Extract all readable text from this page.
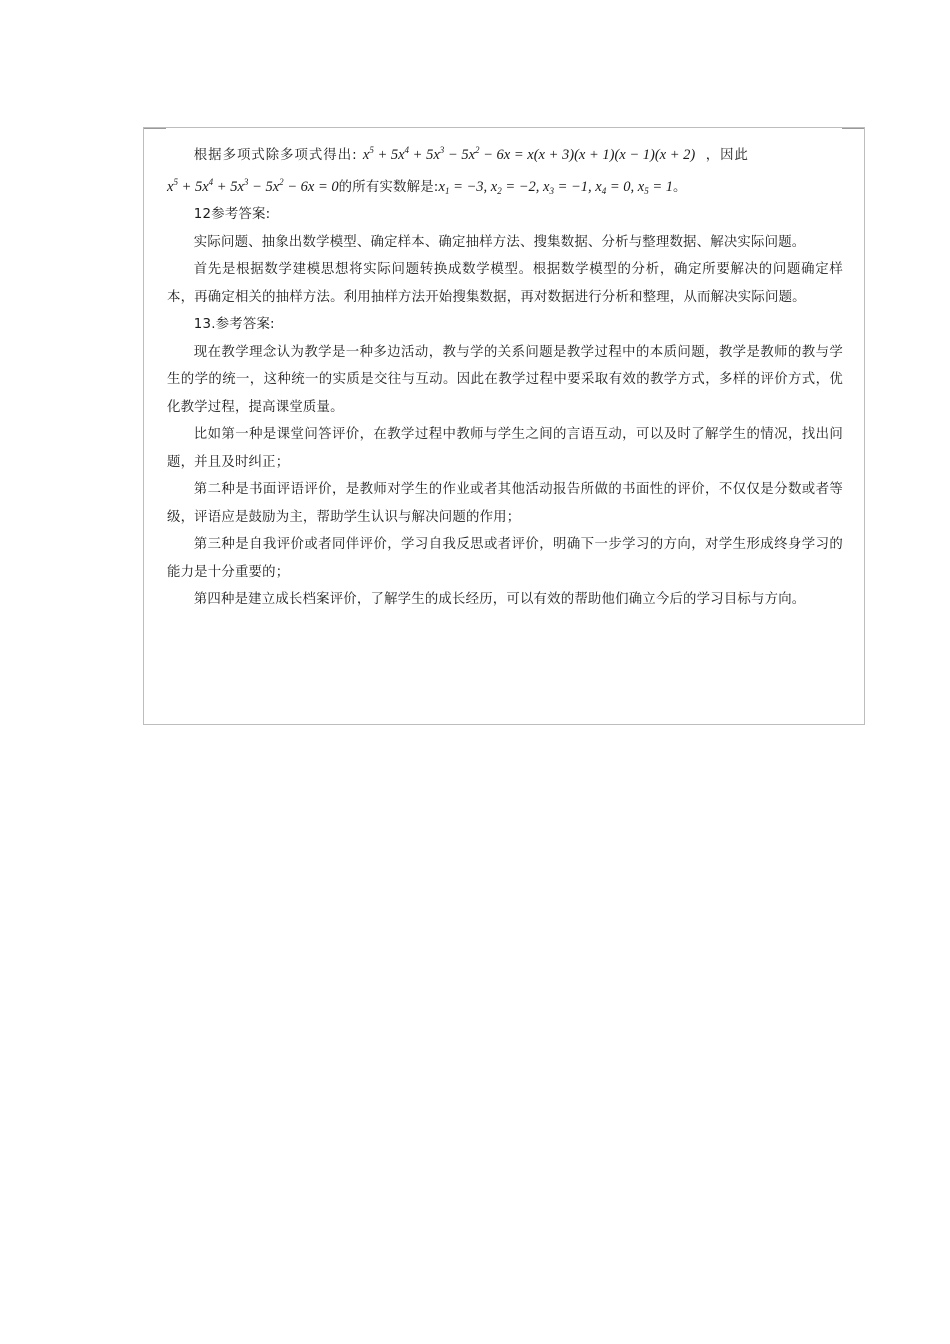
根据多项式除多项式得出: $x^5 + 5x^4 + 5x^3 - 5x^2 - 6x = x(x + 3)(x + 1)(x - 1)(x + 2)$ ，因此

$x^5 + 5x^4 + 5x^3 - 5x^2 - 6x = 0$的所有实数解是$:x_1 = -3$, $x_2 = -2$, $x_3 = -1$, $x_4 = 0$, $x_5 = 1$。

12参考答案:

实际问题、抽象出数学模型、确定样本、确定抽样方法、搜集数据、分析与整理数据、解决实际问题。

首先是根据数学建模思想将实际问题转换成数学模型。根据数学模型的分析，确定所要解决的问题确定样本，再确定相关的抽样方法。利用抽样方法开始搜集数据，再对数据进行分析和整理，从而解决实际问题。

13.参考答案:

现在教学理念认为教学是一种多边活动，教与学的关系问题是教学过程中的本质问题，教学是教师的教与学生的学的统一，这种统一的实质是交往与互动。因此在教学过程中要采取有效的教学方式，多样的评价方式，优化教学过程，提高课堂质量。

比如第一种是课堂问答评价，在教学过程中教师与学生之间的言语互动，可以及时了解学生的情况，找出问题，并且及时纠正；

第二种是书面评语评价，是教师对学生的作业或者其他活动报告所做的书面性的评价，不仅仅是分数或者等级，评语应是鼓励为主，帮助学生认识与解决问题的作用；

第三种是自我评价或者同伴评价，学习自我反思或者评价，明确下一步学习的方向，对学生形成终身学习的能力是十分重要的；

第四种是建立成长档案评价，了解学生的成长经历，可以有效的帮助他们确立今后的学习目标与方向。
